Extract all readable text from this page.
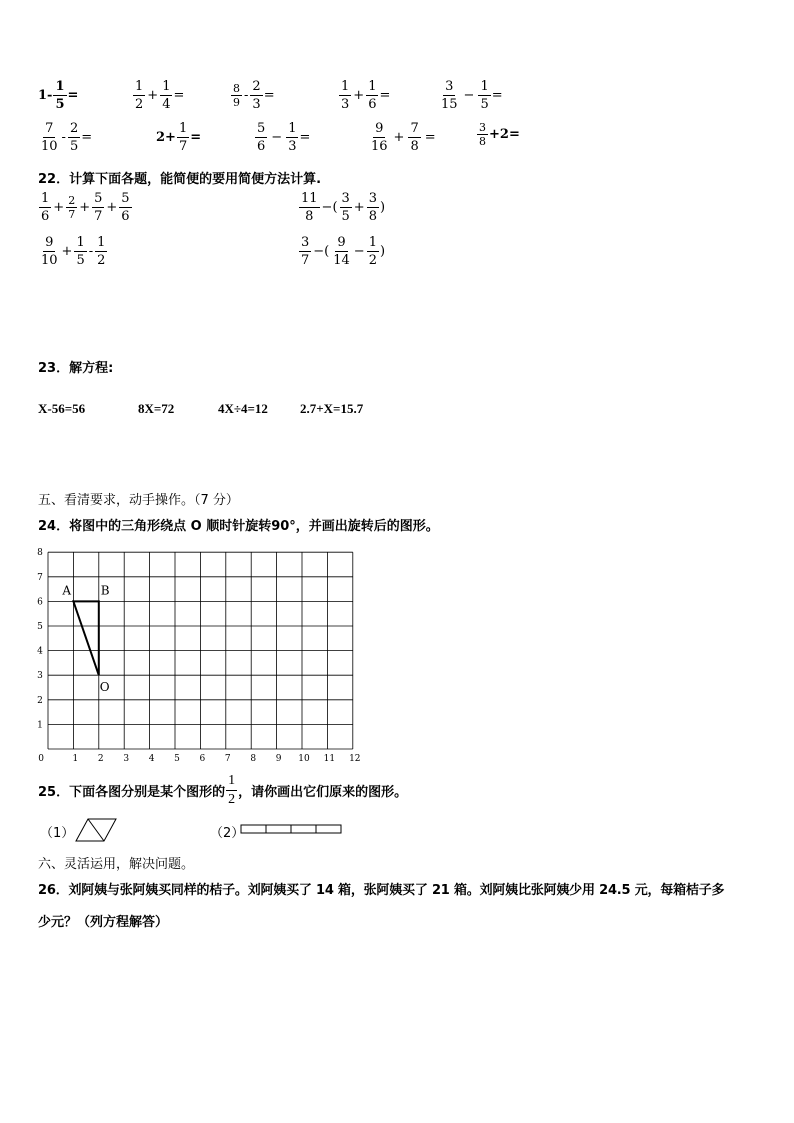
$1- \frac{1}{5}$ =	$\frac{1}{2} + \frac{1}{4}$ =	$\frac{8}{9} - \frac{2}{3}$ =	$\frac{1}{3} + \frac{1}{6}$ =	$\frac{3}{15} - \frac{1}{5}$ =
$\frac{7}{10} - \frac{2}{5}$ =	$2+ \frac{1}{7}$ =	$\frac{5}{6} - \frac{1}{3}$ =	$\frac{9}{16} + \frac{7}{8}$ =	$\frac{3}{8} +2=$
22．计算下面各题，能简便的要用简便方法计算.
$\frac{1}{6} + \frac{2}{7} + \frac{5}{7} + \frac{5}{6}$	$\frac{11}{8}$ −( $\frac{3}{5} + \frac{3}{8}$ )
$\frac{9}{10} + \frac{1}{5} - \frac{1}{2}$	$\frac{3}{7}$ −( $\frac{9}{14} - \frac{1}{2}$ )
23．解方程:
X-56=56	8X=72	4X÷4=12 2.7+X=15.7
五、看清要求，动手操作。（7 分）
24．将图中的三角形绕点 O 顺时针旋转90°，并画出旋转后的图形。
0	1 2 3 4 5 6 7 8 9 10 11 12
1
2
3
4
5
6
7
8
A B
O
25．下面各图分别是某个图形的 $\frac{1}{2}$ ，请你画出它们原来的图形。
（1）	（2）
六、灵活运用，解决问题。
26．刘阿姨与张阿姨买同样的桔子。刘阿姨买了 14 箱，张阿姨买了 21 箱。刘阿姨比张阿姨少用 24.5 元，每箱桔子多
少元？（列方程解答）
